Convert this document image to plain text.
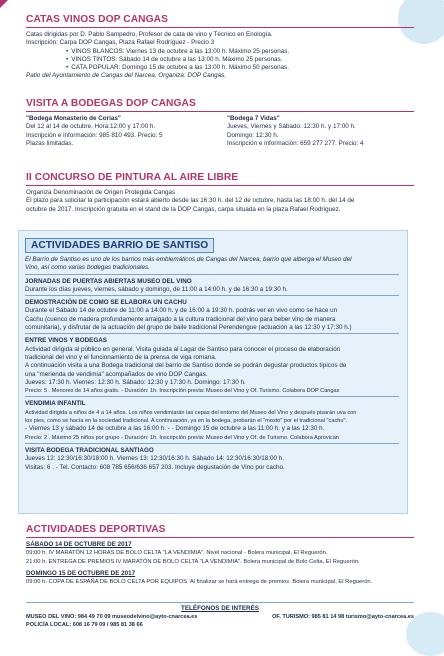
CATAS VINOS DOP CANGAS

Catas dirigidas por D. Pablo Sampedro, Profesor de cata de vino y Técnico en Enología.

Inscripción: Carpa DOP Cangas, Plaza Rafael Rodríguez - Precio 3

• VINOS BLANCOS: Viernes 13 de octubre a las 13:00 h. Máximo 25 personas.
• VINOS TINTOS: Sábado 14 de octubre a las 13:00 h. Máximo 25 personas.
• CATA POPULAR: Domingo 15 de octubre a las 13:00 h. Máximo 50 personas.

Patio del Ayuntamiento de Cangas del Narcea. Organiza: DOP Cangas.

VISITA A BODEGAS DOP CANGAS

"Bodega Monasterio de Corias"

Del 12 al 14 de octubre. Hora:12:00 y 17:00 h.

Inscripción e información: 985 810 493. Precio: 5

Plazas limitadas.

"Bodega 7 Vidas"

Jueves, Viernes y Sábado: 12:30 h. y 17:00 h.

Domingo: 12:30 h.

Inscripción e información: 659 277 277. Precio: 4

II CONCURSO DE PINTURA AL AIRE LIBRE

Organiza Denominación de Origen Protegida Cangas

El plazo para solicitar la participación estará abierto desde las 16:30 h. del 12 de octubre, hasta las 18:00 h. del 14 de

octubre de 2017. Inscripción gratuita en el stand de la DOP Cangas, carpa situada en la plaza Rafael Rodríguez.

ACTIVIDADES BARRIO DE SANTISO

El Barrio de Santiso es uno de los barrios más emblemáticos de Cangas del Narcea, barrio que alberga el Museo del

Vino, así como varias bodegas tradicionales.

JORNADAS DE PUERTAS ABIERTAS MUSEO DEL VINO

Durante los días jueves, viernes, sábado y domingo, de 11:00 a 14:00 h. y de 16:30 a 19:30 h.

DEMOSTRACIÓN DE COMO SE ELABORA UN CACHU

Durante el Sábado 14 de octubre de 11:00 a 14:00 h. y de 16:00 a 19:30 h. podrás ver en vivo como se hace un

Cachu (cuenco de madera profundamente arraigado a la cultura tradicional del vino para beber vino de manera

comunitaria), y disfrutar de la actuación del grupo de baile tradicional Perendengue (actuación a las 12:30 y 17:30 h.)

ENTRE VINOS Y BODEGAS

Actividad dirigida al público en general. Visita guiada al Lagar de Santiso para conocer el proceso de elaboración

tradicional del vino y el funcionamiento de la prensa de viga romana.

A continuación visita a una Bodega tradicional del barrio de Santiso donde se podrán degustar productos típicos de

una "merienda de vendimia" acompañados de vino DOP Cangas.

Jueves: 17:30 h. Viernes: 12:30 h. Sábado: 12:30 y 17:30 h. Domingo: 17:30 h.

Precio: 5 . Menores de 14 años gratis. - Duración: 1h. Inscripción previa: Museo del Vino y Of. Turismo. Colabora DOP Cangas

VENDIMIA INFANTIL

Actividad dirigida a niños de 4 a 14 años. Los niños vendimiarán las cepas del entorno del Museo del Vino y después pisarán uva con

los pies, como se hacía en la sociedad tradicional. A continuación, ya en la bodega, probarán el "mosto" por el tradicional "cachu".

- Viernes 13 y sábado 14 de octubre a las 16:00 h. - - Domingo 15 de octubre a las 11:00 h. y a las 12:30 h.

Precio: 2 . Máximo 25 niños por grupo - Duración: 1h. Inscripción previa: Museo del Vino y Of. de Turismo. Colabora Aprovican

VISITA BODEGA TRADICIONAL SANTIAGO

Jueves 12: 12:30/16:30/18:00 h. Viernes 13: 12:30/16:30 h. Sábado 14: 12:30/16:30/18:00 h.

Visitas: 6 . - Tel. Contacto: 608 785 656/636 657 203. Incluye degustación de Vino por cacho.

ACTIVIDADES DEPORTIVAS

SÁBADO 14 DE OCTUBRE DE 2017

09:00 h. IV MARATÓN 12 HORAS DE BOLO CELTA "LA VENDIMIA". Nivel nacional - Bolera municipal, El Reguerón.

21:00 h. ENTREGA DE PREMIOS IV MARATÓN DE BOLO CELTA "LA VENDIMIA". Bolera municipal de Bolo Celta, El Reguerón.

DOMINGO 15 DE OCTUBRE DE 2017

09:00 h. COPA DE ESPAÑA DE BOLO CELTA POR EQUIPOS. Al finalizar se hará entrega de premios. Bolera municipal, El Reguerón.

TELÉFONOS DE INTERÉS

MUSEO DEL VINO: 984 49 70 09 museodelvino@ayto-cnarcea.es	OF. TURISMO: 985 81 14 98 turismo@ayto-cnarcea.es

POLICÍA LOCAL: 608 16 79 09 / 985 81 38 66
